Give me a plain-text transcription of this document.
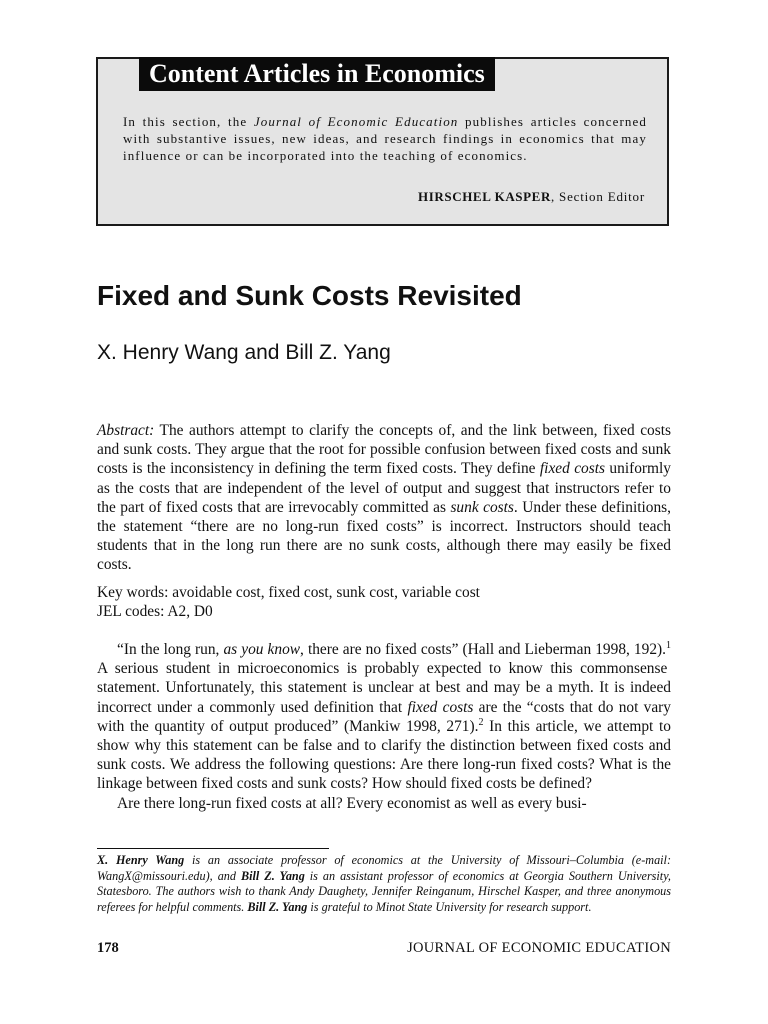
Content Articles in Economics
In this section, the Journal of Economic Education publishes articles concerned with substantive issues, new ideas, and research findings in economics that may influence or can be incorporated into the teaching of economics.
HIRSCHEL KASPER, Section Editor
Fixed and Sunk Costs Revisited
X. Henry Wang and Bill Z. Yang

Abstract: The authors attempt to clarify the concepts of, and the link between, fixed costs and sunk costs. They argue that the root for possible confusion between fixed costs and sunk costs is the inconsistency in defining the term fixed costs. They define fixed costs uniformly as the costs that are independent of the level of output and suggest that instructors refer to the part of fixed costs that are irrevocably committed as sunk costs. Under these definitions, the statement “there are no long-run fixed costs” is incorrect. Instructors should teach students that in the long run there are no sunk costs, although there may easily be fixed costs.

Key words: avoidable cost, fixed cost, sunk cost, variable cost
JEL codes: A2, D0

“In the long run, as you know, there are no fixed costs” (Hall and Lieberman 1998, 192).$^1$ A serious student in microeconomics is probably expected to know this commonsense statement. Unfortunately, this statement is unclear at best and may be a myth. It is indeed incorrect under a commonly used definition that fixed costs are the “costs that do not vary with the quantity of output produced” (Mankiw 1998, 271).$^2$ In this article, we attempt to show why this statement can be false and to clarify the distinction between fixed costs and sunk costs. We address the following questions: Are there long-run fixed costs? What is the linkage between fixed costs and sunk costs? How should fixed costs be defined?

Are there long-run fixed costs at all? Every economist as well as every busi-

X. Henry Wang is an associate professor of economics at the University of Missouri–Columbia (e-mail: WangX@missouri.edu), and Bill Z. Yang is an assistant professor of economics at Georgia Southern University, Statesboro. The authors wish to thank Andy Daughety, Jennifer Reinganum, Hirschel Kasper, and three anonymous referees for helpful comments. Bill Z. Yang is grateful to Minot State University for research support.

178	JOURNAL OF ECONOMIC EDUCATION
